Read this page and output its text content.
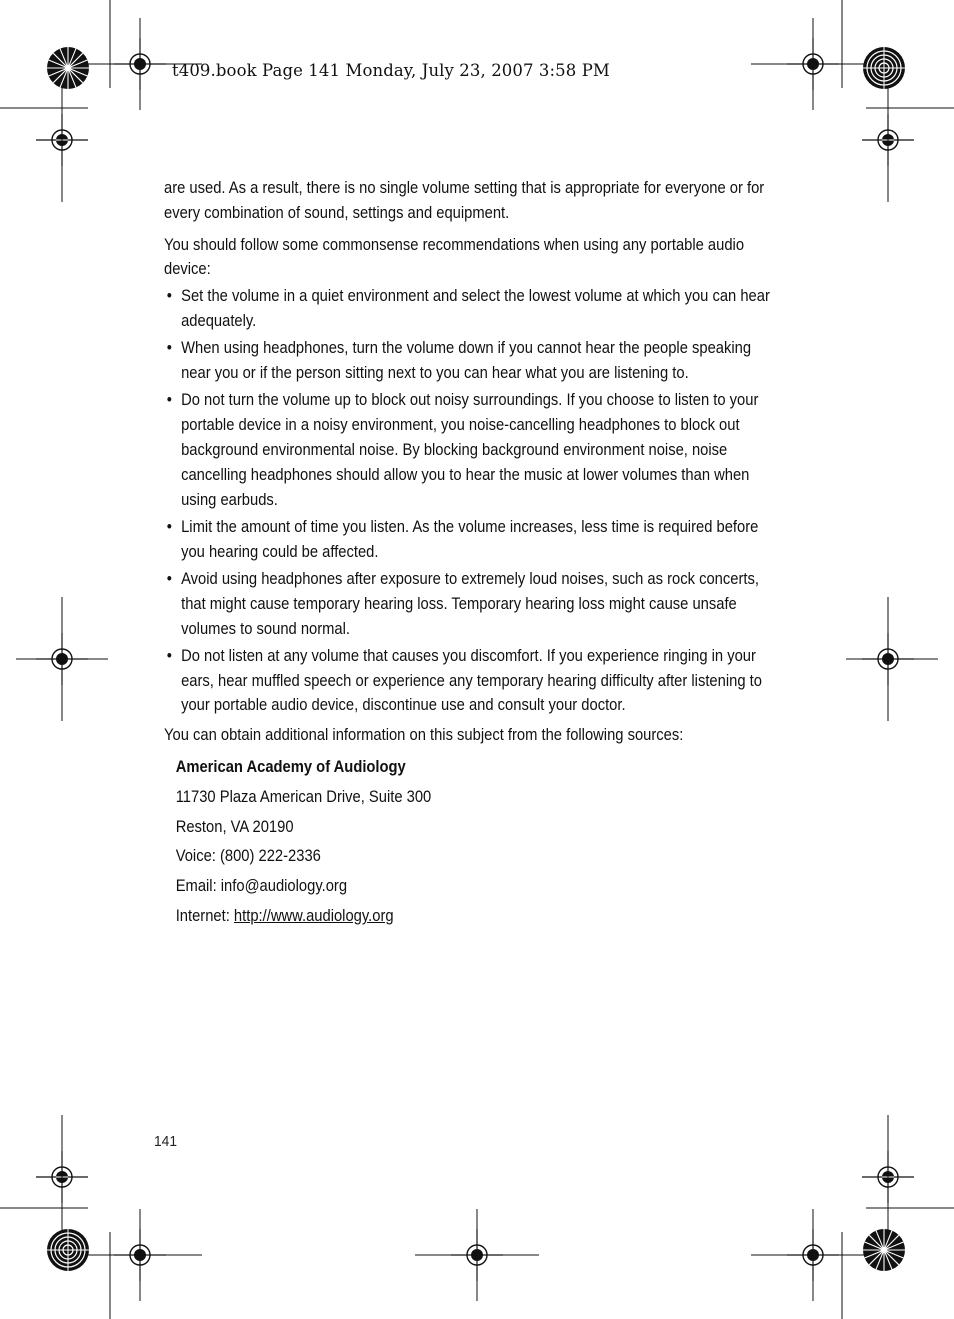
t409.book Page 141 Monday, July 23, 2007 3:58 PM

are used. As a result, there is no single volume setting that is appropriate for everyone or for every combination of sound, settings and equipment.

You should follow some commonsense recommendations when using any portable audio device:

• Set the volume in a quiet environment and select the lowest volume at which you can hear adequately.
• When using headphones, turn the volume down if you cannot hear the people speaking near you or if the person sitting next to you can hear what you are listening to.
• Do not turn the volume up to block out noisy surroundings. If you choose to listen to your portable device in a noisy environment, you noise-cancelling headphones to block out background environmental noise. By blocking background environment noise, noise cancelling headphones should allow you to hear the music at lower volumes than when using earbuds.
• Limit the amount of time you listen. As the volume increases, less time is required before you hearing could be affected.
• Avoid using headphones after exposure to extremely loud noises, such as rock concerts, that might cause temporary hearing loss. Temporary hearing loss might cause unsafe volumes to sound normal.
• Do not listen at any volume that causes you discomfort. If you experience ringing in your ears, hear muffled speech or experience any temporary hearing difficulty after listening to your portable audio device, discontinue use and consult your doctor.

You can obtain additional information on this subject from the following sources:

American Academy of Audiology
11730 Plaza American Drive, Suite 300
Reston, VA 20190
Voice: (800) 222-2336
Email: info@audiology.org
Internet: http://www.audiology.org
141
